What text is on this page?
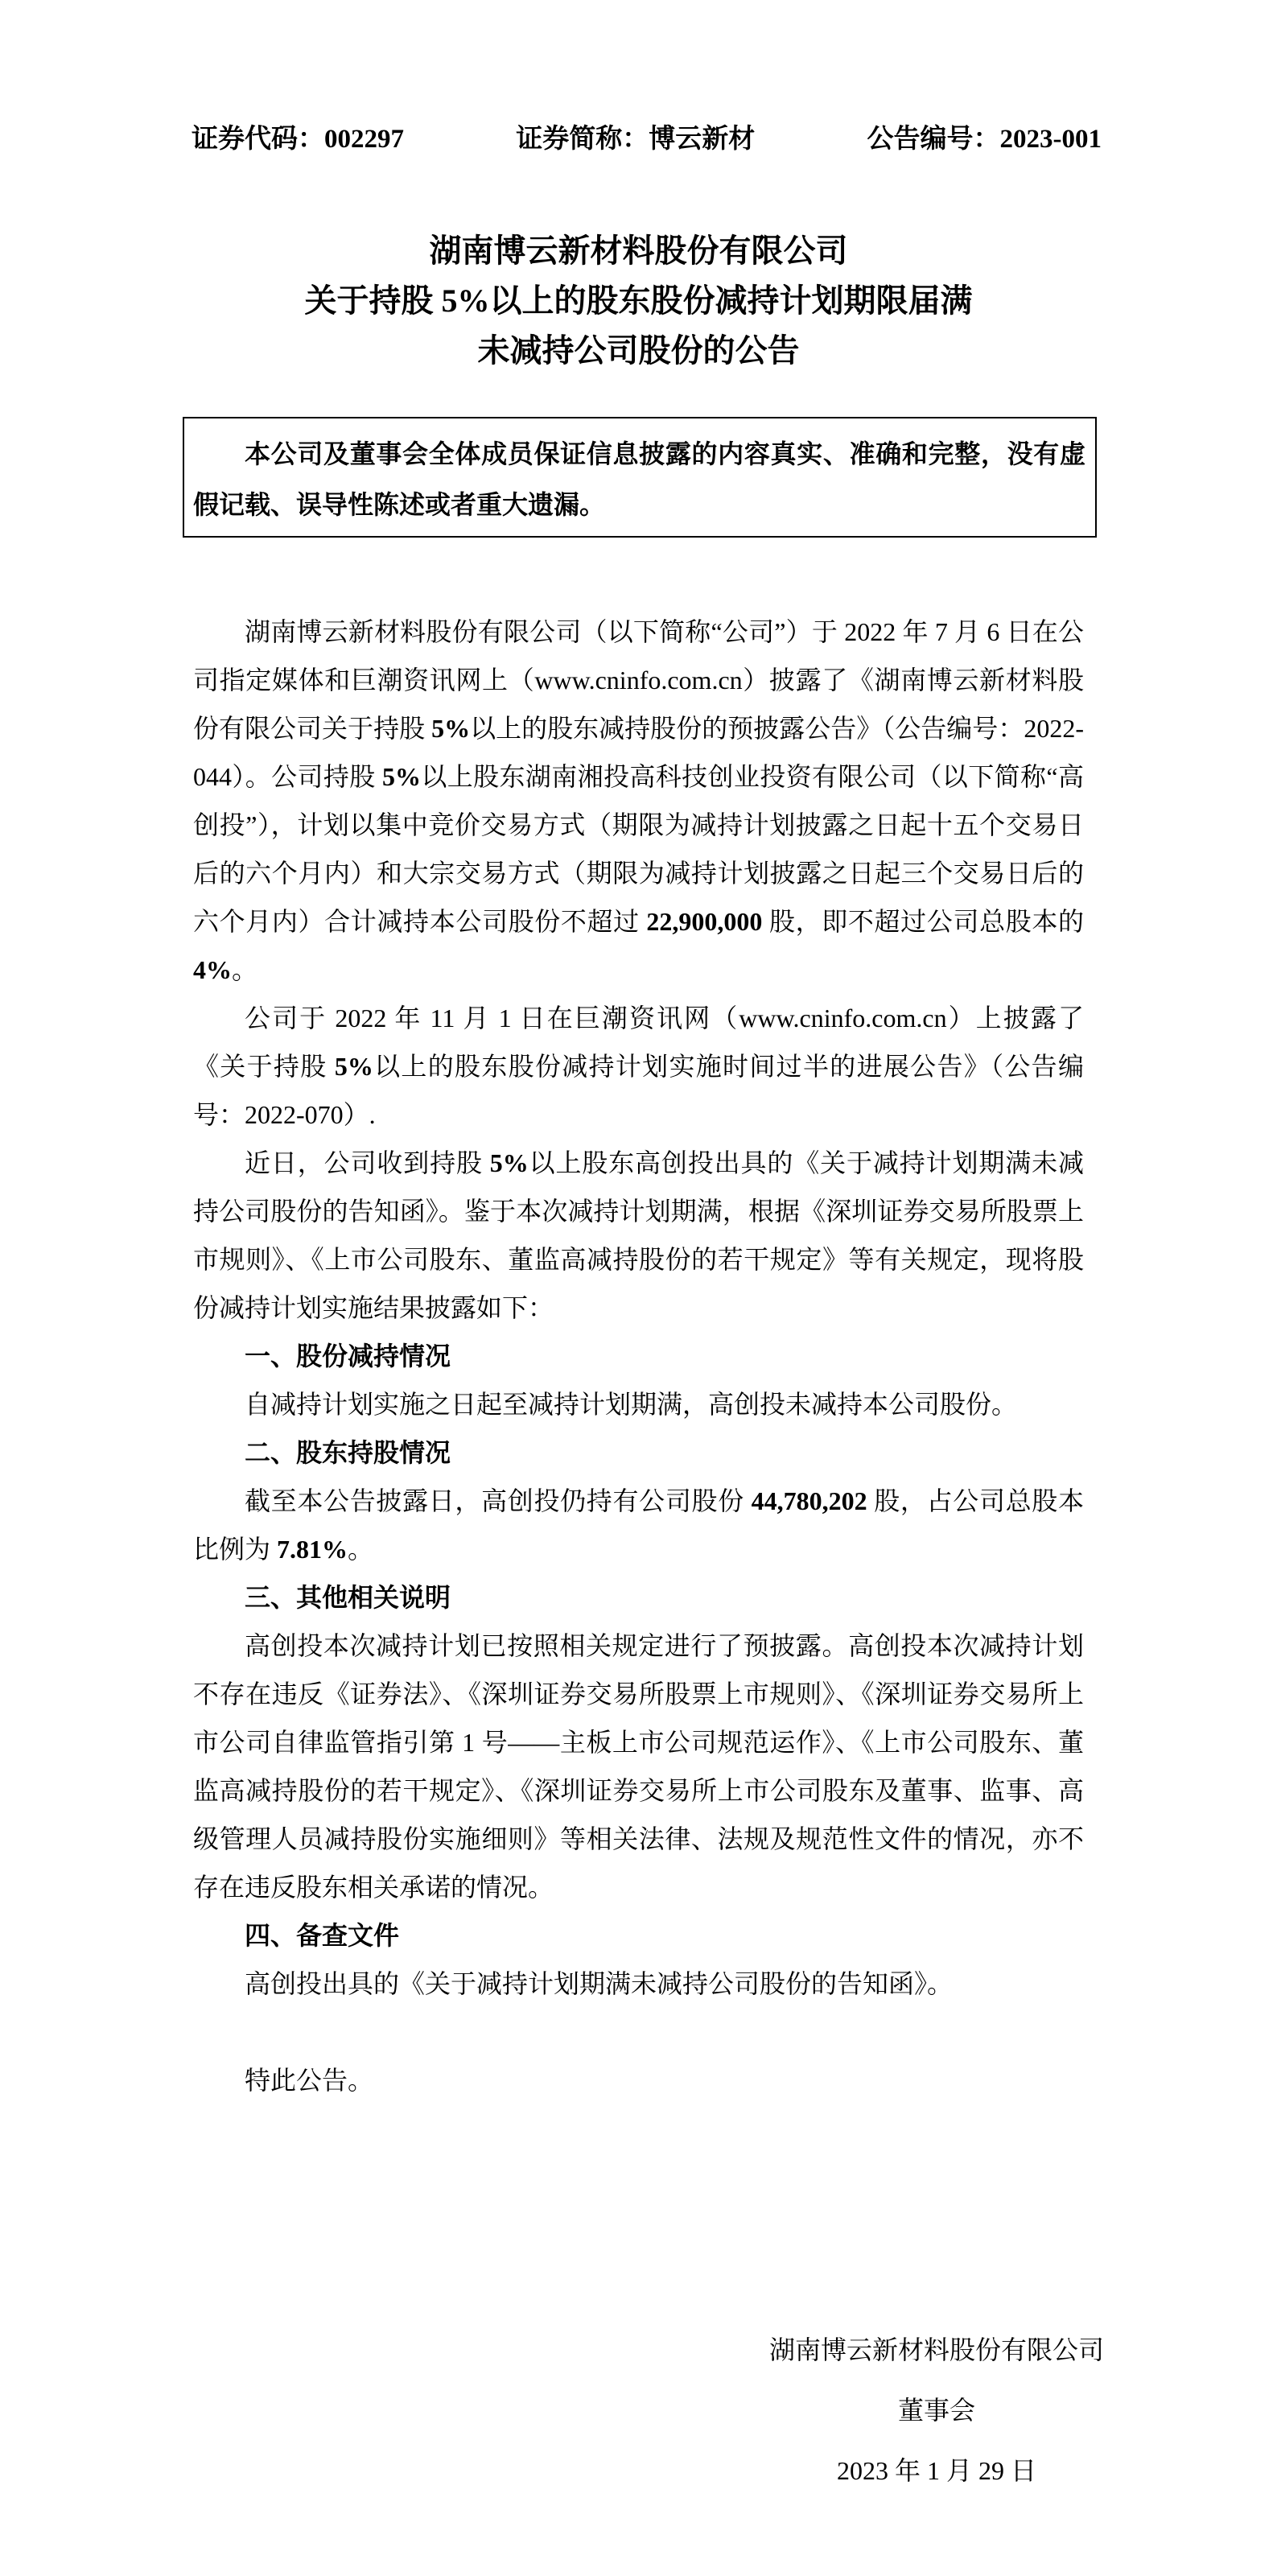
证券代码：002297	证券简称：博云新材	公告编号：2023-001
湖南博云新材料股份有限公司
关于持股 5%以上的股东股份减持计划期限届满
未减持公司股份的公告
本公司及董事会全体成员保证信息披露的内容真实、准确和完整，没有虚假记载、误导性陈述或者重大遗漏。

湖南博云新材料股份有限公司（以下简称“公司”）于 2022 年 7 月 6 日在公司指定媒体和巨潮资讯网上（www.cninfo.com.cn）披露了《湖南博云新材料股份有限公司关于持股 5%以上的股东减持股份的预披露公告》（公告编号：2022-044）。公司持股 5%以上股东湖南湘投高科技创业投资有限公司（以下简称“高创投”），计划以集中竞价交易方式（期限为减持计划披露之日起十五个交易日后的六个月内）和大宗交易方式（期限为减持计划披露之日起三个交易日后的六个月内）合计减持本公司股份不超过 22,900,000 股，即不超过公司总股本的 4%。

公司于 2022 年 11 月 1 日在巨潮资讯网（www.cninfo.com.cn）上披露了《关于持股 5%以上的股东股份减持计划实施时间过半的进展公告》（公告编号：2022-070）.

近日，公司收到持股 5%以上股东高创投出具的《关于减持计划期满未减持公司股份的告知函》。鉴于本次减持计划期满，根据《深圳证券交易所股票上市规则》、《上市公司股东、董监高减持股份的若干规定》等有关规定，现将股份减持计划实施结果披露如下：

一、股份减持情况

自减持计划实施之日起至减持计划期满，高创投未减持本公司股份。

二、股东持股情况

截至本公告披露日，高创投仍持有公司股份 44,780,202 股，占公司总股本比例为 7.81%。

三、其他相关说明

高创投本次减持计划已按照相关规定进行了预披露。高创投本次减持计划不存在违反《证券法》、《深圳证券交易所股票上市规则》、《深圳证券交易所上市公司自律监管指引第 1 号——主板上市公司规范运作》、《上市公司股东、董监高减持股份的若干规定》、《深圳证券交易所上市公司股东及董事、监事、高级管理人员减持股份实施细则》等相关法律、法规及规范性文件的情况，亦不存在违反股东相关承诺的情况。

四、备查文件

高创投出具的《关于减持计划期满未减持公司股份的告知函》。

特此公告。

湖南博云新材料股份有限公司
董事会
2023 年 1 月 29 日
